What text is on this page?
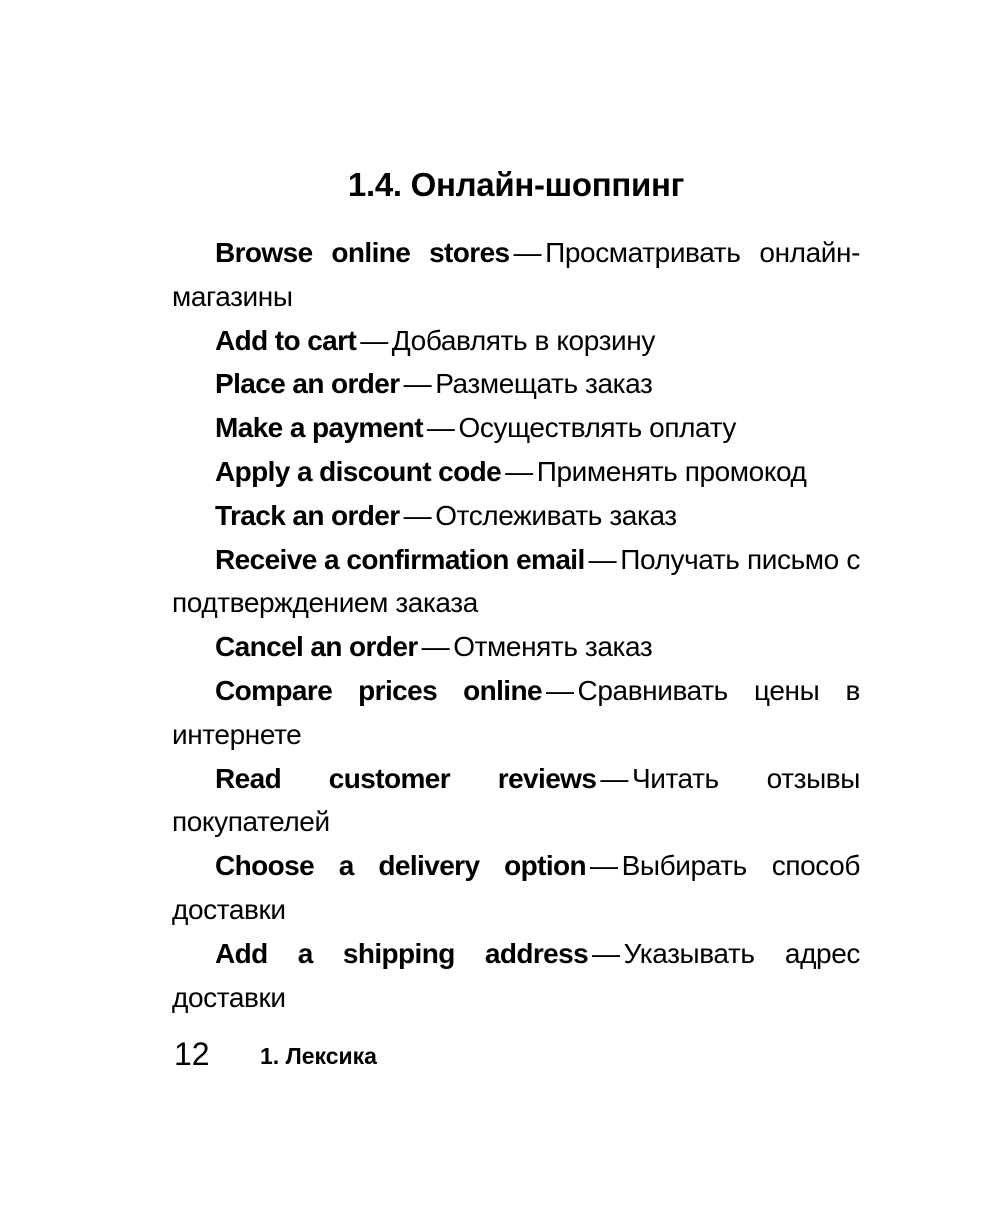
1.4. Онлайн-шоппинг
Browse online stores — Просматривать онлайн-магазины
Add to cart — Добавлять в корзину
Place an order — Размещать заказ
Make a payment — Осуществлять оплату
Apply a discount code — Применять промокод
Track an order — Отслеживать заказ
Receive a confirmation email — Получать письмо с подтверждением заказа
Cancel an order — Отменять заказ
Compare prices online — Сравнивать цены в интернете
Read customer reviews — Читать отзывы покупателей
Choose a delivery option — Выбирать способ доставки
Add a shipping address — Указывать адрес доставки
12 1. Лексика
